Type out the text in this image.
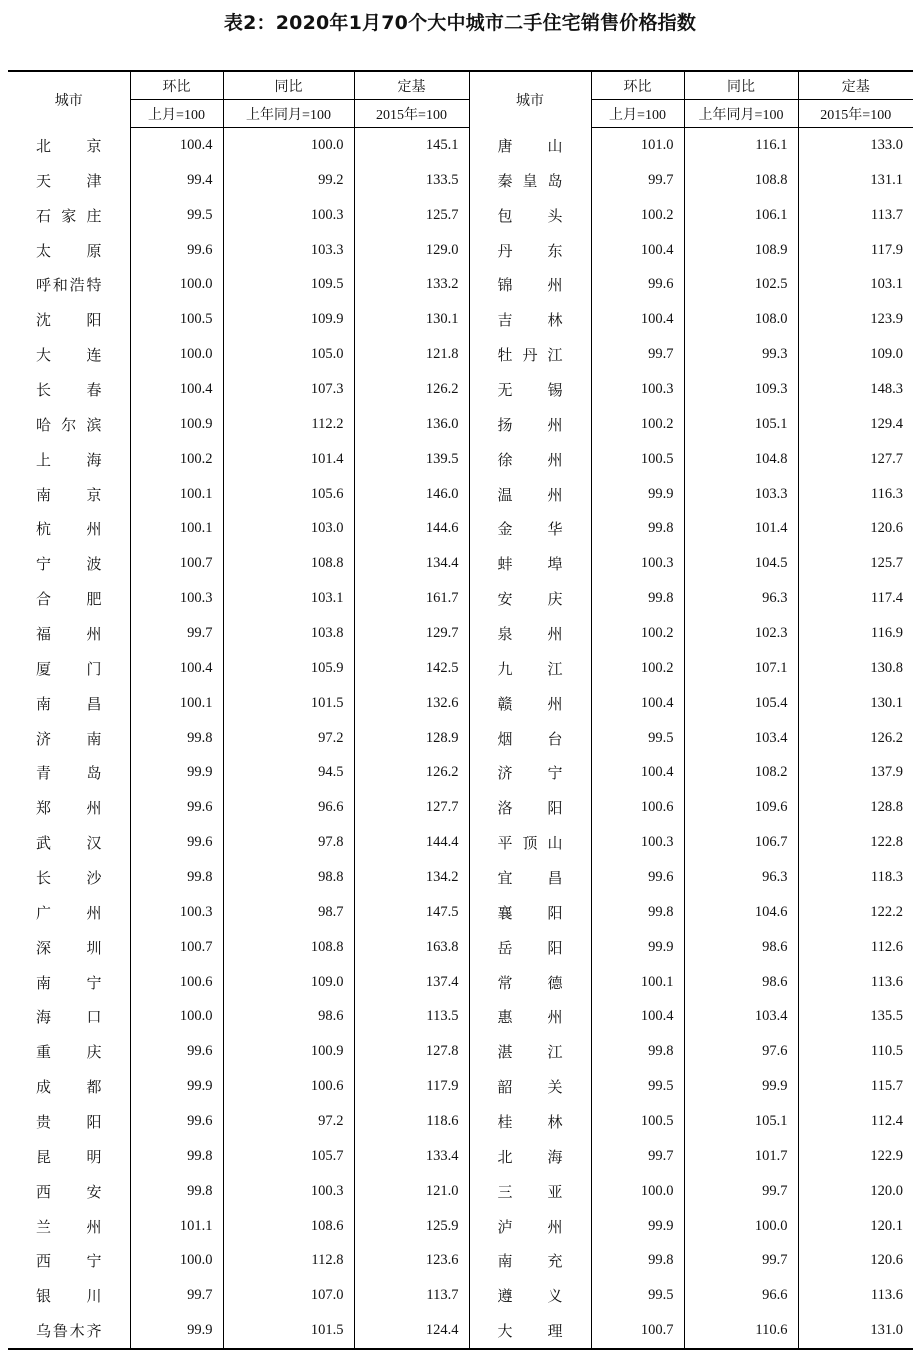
表2：2020年1月70个大中城市二手住宅销售价格指数
城市	环比	同比	定基	城市	环比	同比	定基
	上月=100	上年同月=100	2015年=100		上月=100	上年同月=100	2015年=100

北京	100.4	100.0	145.1	唐山	101.0	116.1	133.0

天津	99.4	99.2	133.5	秦皇岛	99.7	108.8	131.1

石家庄	99.5	100.3	125.7	包头	100.2	106.1	113.7

太原	99.6	103.3	129.0	丹东	100.4	108.9	117.9

呼和浩特	100.0	109.5	133.2	锦州	99.6	102.5	103.1

沈阳	100.5	109.9	130.1	吉林	100.4	108.0	123.9

大连	100.0	105.0	121.8	牡丹江	99.7	99.3	109.0

长春	100.4	107.3	126.2	无锡	100.3	109.3	148.3

哈尔滨	100.9	112.2	136.0	扬州	100.2	105.1	129.4

上海	100.2	101.4	139.5	徐州	100.5	104.8	127.7

南京	100.1	105.6	146.0	温州	99.9	103.3	116.3

杭州	100.1	103.0	144.6	金华	99.8	101.4	120.6

宁波	100.7	108.8	134.4	蚌埠	100.3	104.5	125.7

合肥	100.3	103.1	161.7	安庆	99.8	96.3	117.4

福州	99.7	103.8	129.7	泉州	100.2	102.3	116.9

厦门	100.4	105.9	142.5	九江	100.2	107.1	130.8

南昌	100.1	101.5	132.6	赣州	100.4	105.4	130.1

济南	99.8	97.2	128.9	烟台	99.5	103.4	126.2

青岛	99.9	94.5	126.2	济宁	100.4	108.2	137.9

郑州	99.6	96.6	127.7	洛阳	100.6	109.6	128.8

武汉	99.6	97.8	144.4	平顶山	100.3	106.7	122.8

长沙	99.8	98.8	134.2	宜昌	99.6	96.3	118.3

广州	100.3	98.7	147.5	襄阳	99.8	104.6	122.2

深圳	100.7	108.8	163.8	岳阳	99.9	98.6	112.6

南宁	100.6	109.0	137.4	常德	100.1	98.6	113.6

海口	100.0	98.6	113.5	惠州	100.4	103.4	135.5

重庆	99.6	100.9	127.8	湛江	99.8	97.6	110.5

成都	99.9	100.6	117.9	韶关	99.5	99.9	115.7

贵阳	99.6	97.2	118.6	桂林	100.5	105.1	112.4

昆明	99.8	105.7	133.4	北海	99.7	101.7	122.9

西安	99.8	100.3	121.0	三亚	100.0	99.7	120.0

兰州	101.1	108.6	125.9	泸州	99.9	100.0	120.1

西宁	100.0	112.8	123.6	南充	99.8	99.7	120.6

银川	99.7	107.0	113.7	遵义	99.5	96.6	113.6

乌鲁木齐	99.9	101.5	124.4	大理	100.7	110.6	131.0
